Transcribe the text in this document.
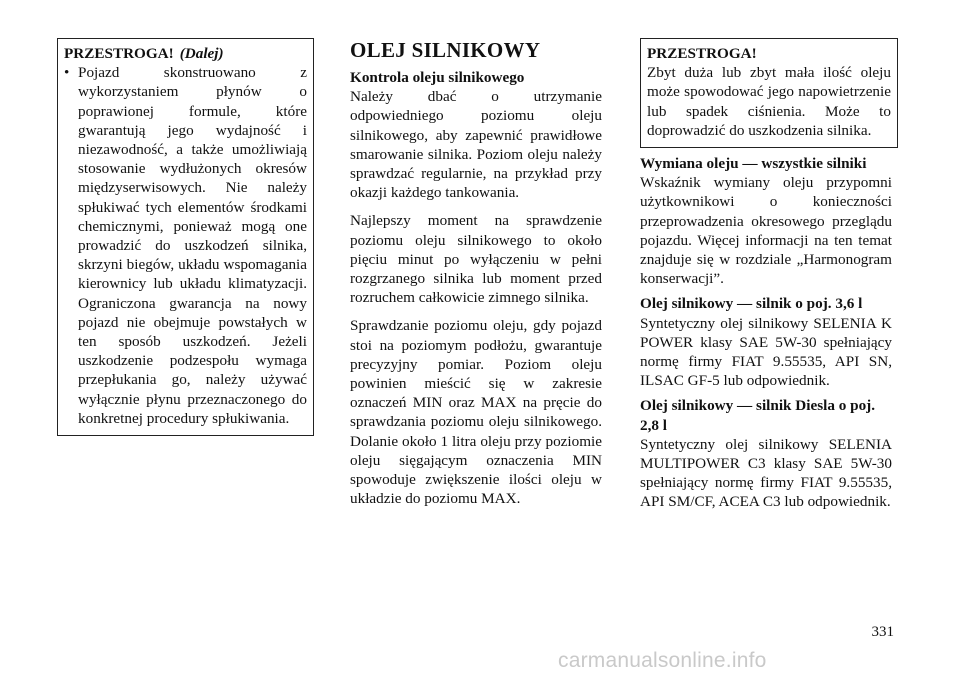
PRZESTROGA! (Dalej)
• Pojazd skonstruowano z wykorzystaniem płynów o poprawionej formule, które gwarantują jego wydajność i niezawodność, a także umożliwiają stosowanie wydłużonych okresów międzyserwisowych. Nie należy spłukiwać tych elementów środkami chemicznymi, ponieważ mogą one prowadzić do uszkodzeń silnika, skrzyni biegów, układu wspomagania kierownicy lub układu klimatyzacji. Ograniczona gwarancja na nowy pojazd nie obejmuje powstałych w ten sposób uszkodzeń. Jeżeli uszkodzenie podzespołu wymaga przepłukania go, należy używać wyłącznie płynu przeznaczonego do konkretnej procedury spłukiwania.
OLEJ SILNIKOWY
Kontrola oleju silnikowego

Należy dbać o utrzymanie odpowiedniego poziomu oleju silnikowego, aby zapewnić prawidłowe smarowanie silnika. Poziom oleju należy sprawdzać regularnie, na przykład przy okazji każdego tankowania.

Najlepszy moment na sprawdzenie poziomu oleju silnikowego to około pięciu minut po wyłączeniu w pełni rozgrzanego silnika lub moment przed rozruchem całkowicie zimnego silnika.

Sprawdzanie poziomu oleju, gdy pojazd stoi na poziomym podłożu, gwarantuje precyzyjny pomiar. Poziom oleju powinien mieścić się w zakresie oznaczeń MIN oraz MAX na pręcie do sprawdzania poziomu oleju silnikowego. Dolanie około 1 litra oleju przy poziomie oleju sięgającym oznaczenia MIN spowoduje zwiększenie ilości oleju w układzie do poziomu MAX.

PRZESTROGA!
Zbyt duża lub zbyt mała ilość oleju może spowodować jego napowietrzenie lub spadek ciśnienia. Może to doprowadzić do uszkodzenia silnika.
Wymiana oleju — wszystkie silniki
Wskaźnik wymiany oleju przypomni użytkownikowi o konieczności przeprowadzenia okresowego przeglądu pojazdu. Więcej informacji na ten temat znajduje się w rozdziale „Harmonogram konserwacji”.
Olej silnikowy — silnik o poj. 3,6 l
Syntetyczny olej silnikowy SELENIA K POWER klasy SAE 5W-30 spełniający normę firmy FIAT 9.55535, API SN, ILSAC GF-5 lub odpowiednik.
Olej silnikowy — silnik Diesla o poj. 2,8 l
Syntetyczny olej silnikowy SELENIA MULTIPOWER C3 klasy SAE 5W-30 spełniający normę firmy FIAT 9.55535, API SM/CF, ACEA C3 lub odpowiednik.
331
carmanualsonline.info
